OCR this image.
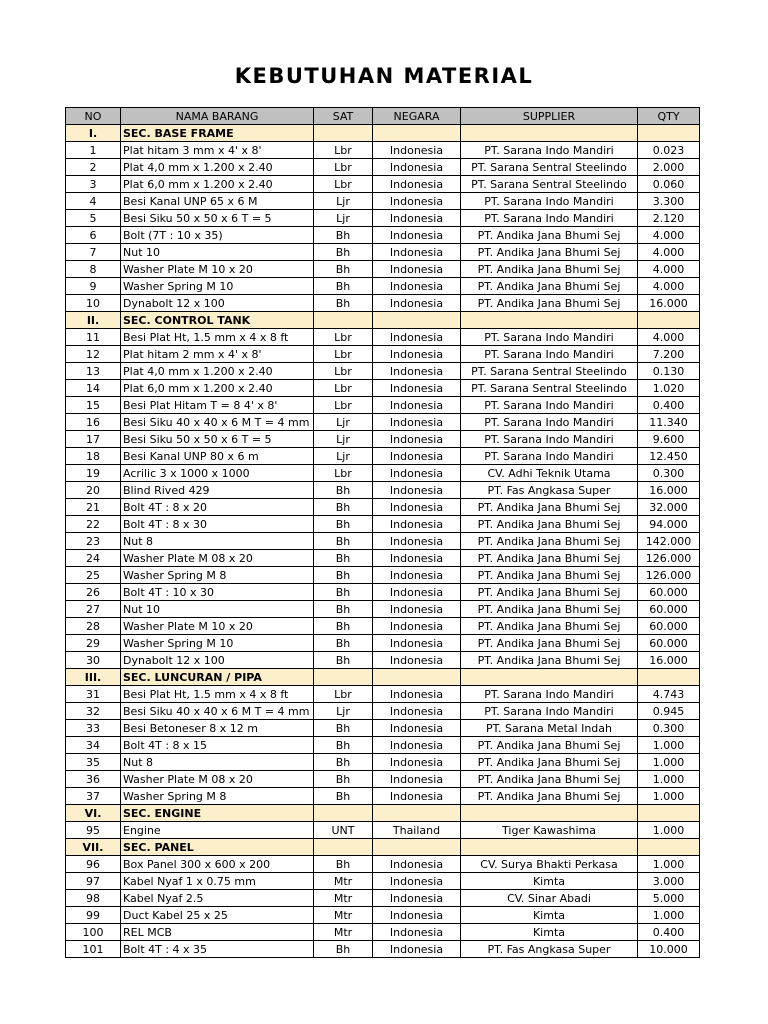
KEBUTUHAN MATERIAL
NO	NAMA BARANG	SAT	NEGARA	SUPPLIER	QTY
I.	SEC. BASE FRAME				
1	Plat hitam 3 mm x 4' x 8'	Lbr	Indonesia	PT. Sarana Indo Mandiri	0.023
2	Plat 4,0 mm x 1.200 x 2.40	Lbr	Indonesia	PT. Sarana Sentral Steelindo	2.000
3	Plat 6,0 mm x 1.200 x 2.40	Lbr	Indonesia	PT. Sarana Sentral Steelindo	0.060
4	Besi Kanal UNP 65 x 6 M	Ljr	Indonesia	PT. Sarana Indo Mandiri	3.300
5	Besi Siku 50 x 50 x 6 T = 5	Ljr	Indonesia	PT. Sarana Indo Mandiri	2.120
6	Bolt (7T : 10 x 35)	Bh	Indonesia	PT. Andika Jana Bhumi Sej	4.000
7	Nut 10	Bh	Indonesia	PT. Andika Jana Bhumi Sej	4.000
8	Washer Plate M 10 x 20	Bh	Indonesia	PT. Andika Jana Bhumi Sej	4.000
9	Washer Spring M 10	Bh	Indonesia	PT. Andika Jana Bhumi Sej	4.000
10	Dynabolt 12 x 100	Bh	Indonesia	PT. Andika Jana Bhumi Sej	16.000
II.	SEC. CONTROL TANK				
11	Besi Plat Ht, 1.5 mm x 4 x 8 ft	Lbr	Indonesia	PT. Sarana Indo Mandiri	4.000
12	Plat hitam 2 mm x 4' x 8'	Lbr	Indonesia	PT. Sarana Indo Mandiri	7.200
13	Plat 4,0 mm x 1.200 x 2.40	Lbr	Indonesia	PT. Sarana Sentral Steelindo	0.130
14	Plat 6,0 mm x 1.200 x 2.40	Lbr	Indonesia	PT. Sarana Sentral Steelindo	1.020
15	Besi Plat Hitam T = 8 4' x 8'	Lbr	Indonesia	PT. Sarana Indo Mandiri	0.400
16	Besi Siku 40 x 40 x 6 M T = 4 mm	Ljr	Indonesia	PT. Sarana Indo Mandiri	11.340
17	Besi Siku 50 x 50 x 6 T = 5	Ljr	Indonesia	PT. Sarana Indo Mandiri	9.600
18	Besi Kanal UNP 80 x 6 m	Ljr	Indonesia	PT. Sarana Indo Mandiri	12.450
19	Acrilic 3 x 1000 x 1000	Lbr	Indonesia	CV. Adhi Teknik Utama	0.300
20	Blind Rived 429	Bh	Indonesia	PT. Fas Angkasa Super	16.000
21	Bolt 4T : 8 x 20	Bh	Indonesia	PT. Andika Jana Bhumi Sej	32.000
22	Bolt 4T : 8 x 30	Bh	Indonesia	PT. Andika Jana Bhumi Sej	94.000
23	Nut 8	Bh	Indonesia	PT. Andika Jana Bhumi Sej	142.000
24	Washer Plate M 08 x 20	Bh	Indonesia	PT. Andika Jana Bhumi Sej	126.000
25	Washer Spring M 8	Bh	Indonesia	PT. Andika Jana Bhumi Sej	126.000
26	Bolt 4T : 10 x 30	Bh	Indonesia	PT. Andika Jana Bhumi Sej	60.000
27	Nut 10	Bh	Indonesia	PT. Andika Jana Bhumi Sej	60.000
28	Washer Plate M 10 x 20	Bh	Indonesia	PT. Andika Jana Bhumi Sej	60.000
29	Washer Spring M 10	Bh	Indonesia	PT. Andika Jana Bhumi Sej	60.000
30	Dynabolt 12 x 100	Bh	Indonesia	PT. Andika Jana Bhumi Sej	16.000
III.	SEC. LUNCURAN / PIPA				
31	Besi Plat Ht, 1.5 mm x 4 x 8 ft	Lbr	Indonesia	PT. Sarana Indo Mandiri	4.743
32	Besi Siku 40 x 40 x 6 M T = 4 mm	Ljr	Indonesia	PT. Sarana Indo Mandiri	0.945
33	Besi Betoneser 8 x 12 m	Bh	Indonesia	PT. Sarana Metal Indah	0.300
34	Bolt 4T : 8 x 15	Bh	Indonesia	PT. Andika Jana Bhumi Sej	1.000
35	Nut 8	Bh	Indonesia	PT. Andika Jana Bhumi Sej	1.000
36	Washer Plate M 08 x 20	Bh	Indonesia	PT. Andika Jana Bhumi Sej	1.000
37	Washer Spring M 8	Bh	Indonesia	PT. Andika Jana Bhumi Sej	1.000
VI.	SEC. ENGINE				
95	Engine	UNT	Thailand	Tiger Kawashima	1.000
VII.	SEC. PANEL				
96	Box Panel 300 x 600 x 200	Bh	Indonesia	CV. Surya Bhakti Perkasa	1.000
97	Kabel Nyaf 1 x 0.75 mm	Mtr	Indonesia	Kimta	3.000
98	Kabel Nyaf 2.5	Mtr	Indonesia	CV. Sinar Abadi	5.000
99	Duct Kabel 25 x 25	Mtr	Indonesia	Kimta	1.000
100	REL MCB	Mtr	Indonesia	Kimta	0.400
101	Bolt 4T : 4 x 35	Bh	Indonesia	PT. Fas Angkasa Super	10.000
